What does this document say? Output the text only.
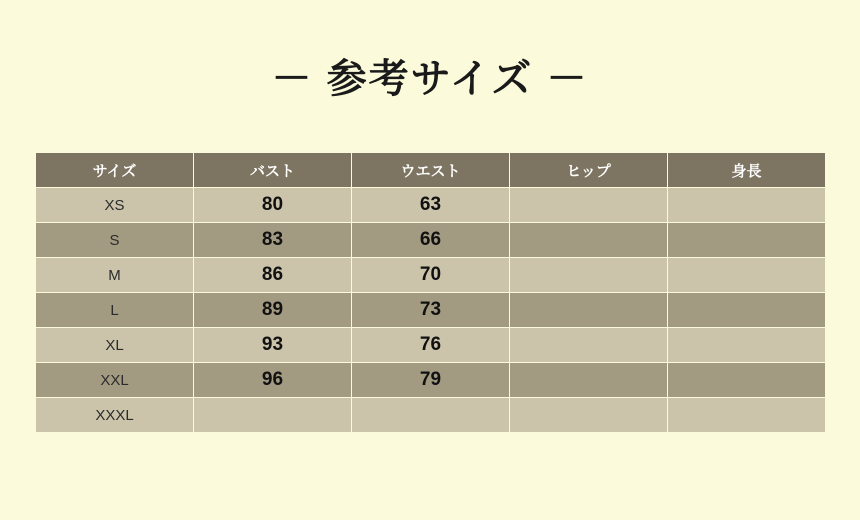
－ 参考サイズ －
サイズ	バスト	ウエスト	ヒップ	身長
XS	80	63		
S	83	66		
M	86	70		
L	89	73		
XL	93	76		
XXL	96	79		
XXXL				
